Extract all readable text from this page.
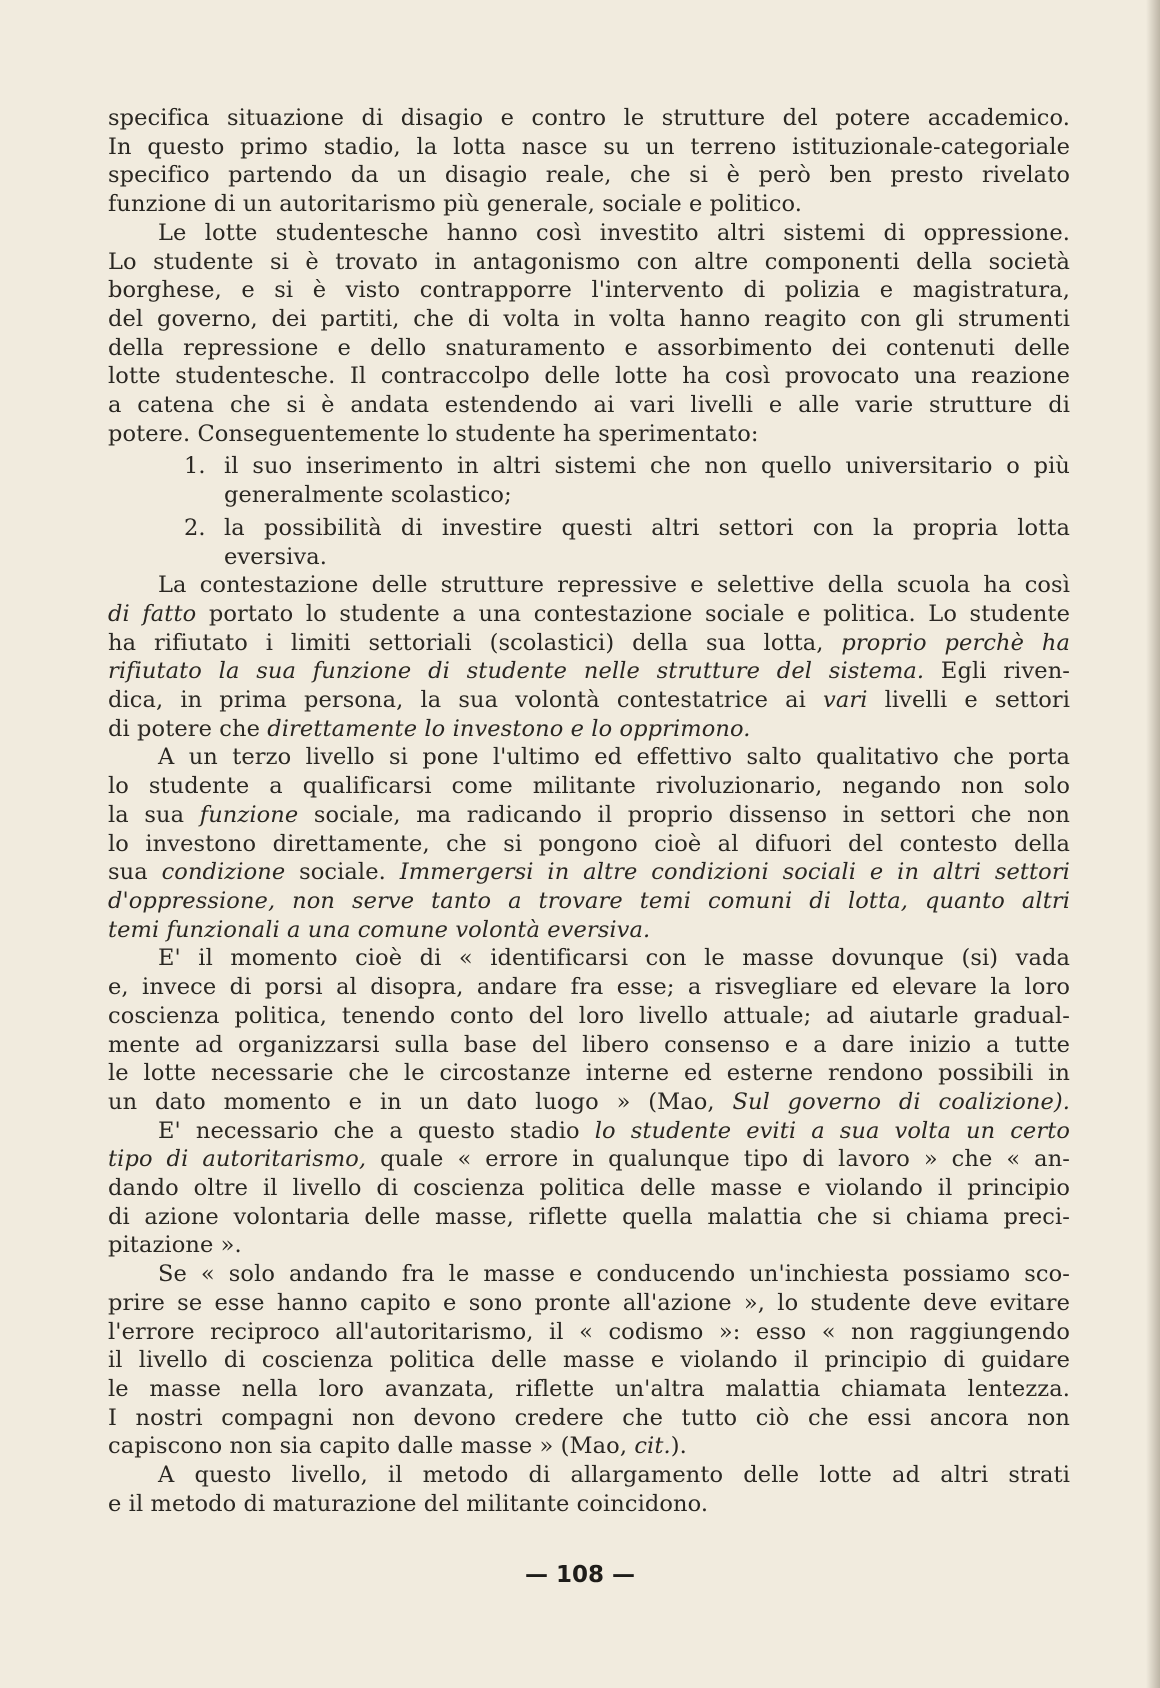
specifica situazione di disagio e contro le strutture del potere accademico.
In questo primo stadio, la lotta nasce su un terreno istituzionale-categoriale
specifico partendo da un disagio reale, che si è però ben presto rivelato
funzione di un autoritarismo più generale, sociale e politico.
Le lotte studentesche hanno così investito altri sistemi di oppressione.
Lo studente si è trovato in antagonismo con altre componenti della società
borghese, e si è visto contrapporre l'intervento di polizia e magistratura,
del governo, dei partiti, che di volta in volta hanno reagito con gli strumenti
della repressione e dello snaturamento e assorbimento dei contenuti delle
lotte studentesche. Il contraccolpo delle lotte ha così provocato una reazione
a catena che si è andata estendendo ai vari livelli e alle varie strutture di
potere. Conseguentemente lo studente ha sperimentato:
1. il suo inserimento in altri sistemi che non quello universitario o più
generalmente scolastico;
2. la possibilità di investire questi altri settori con la propria lotta
eversiva.
La contestazione delle strutture repressive e selettive della scuola ha così
di fatto portato lo studente a una contestazione sociale e politica. Lo studente
ha rifiutato i limiti settoriali (scolastici) della sua lotta, proprio perchè ha
rifiutato la sua funzione di studente nelle strutture del sistema. Egli riven-
dica, in prima persona, la sua volontà contestatrice ai vari livelli e settori
di potere che direttamente lo investono e lo opprimono.
A un terzo livello si pone l'ultimo ed effettivo salto qualitativo che porta
lo studente a qualificarsi come militante rivoluzionario, negando non solo
la sua funzione sociale, ma radicando il proprio dissenso in settori che non
lo investono direttamente, che si pongono cioè al difuori del contesto della
sua condizione sociale. Immergersi in altre condizioni sociali e in altri settori
d'oppressione, non serve tanto a trovare temi comuni di lotta, quanto altri
temi funzionali a una comune volontà eversiva.
E' il momento cioè di « identificarsi con le masse dovunque (si) vada
e, invece di porsi al disopra, andare fra esse; a risvegliare ed elevare la loro
coscienza politica, tenendo conto del loro livello attuale; ad aiutarle gradual-
mente ad organizzarsi sulla base del libero consenso e a dare inizio a tutte
le lotte necessarie che le circostanze interne ed esterne rendono possibili in
un dato momento e in un dato luogo » (Mao, Sul governo di coalizione).
E' necessario che a questo stadio lo studente eviti a sua volta un certo
tipo di autoritarismo, quale « errore in qualunque tipo di lavoro » che « an-
dando oltre il livello di coscienza politica delle masse e violando il principio
di azione volontaria delle masse, riflette quella malattia che si chiama preci-
pitazione ».
Se « solo andando fra le masse e conducendo un'inchiesta possiamo sco-
prire se esse hanno capito e sono pronte all'azione », lo studente deve evitare
l'errore reciproco all'autoritarismo, il « codismo »: esso « non raggiungendo
il livello di coscienza politica delle masse e violando il principio di guidare
le masse nella loro avanzata, riflette un'altra malattia chiamata lentezza.
I nostri compagni non devono credere che tutto ciò che essi ancora non
capiscono non sia capito dalle masse » (Mao, cit.).
A questo livello, il metodo di allargamento delle lotte ad altri strati
e il metodo di maturazione del militante coincidono.
— 108 —
